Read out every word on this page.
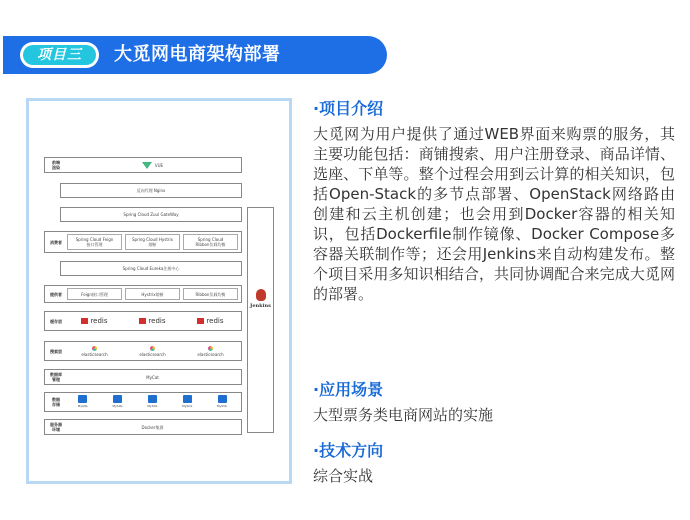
项目三	大觅网电商架构部署
前端
渲染	VUE
反向代理 Nginx
Spring Cloud Zuul GateWay
消费者	Spring Cloud Feign
接口管理
Spring Cloud Hystrix
熔断
Spring Cloud
Ribbon负载均衡
Spring Cloud Eureka注册中心
提供者	Feign接口管理	Hystrix熔断	Ribbon负载均衡
缓存层	redis	redis	redis
搜索层
elasticsearch	elasticsearch	elasticsearch
数据库
管理	MyCat
数据
存储	MySQL	MySQL	MySQL	MySQL	MySQL
服务器
环境	Docker集群
Jenkins
·项目介绍
大觅网为用户提供了通过WEB界面来购票的服务，其主要功能包括：商铺搜索、用户注册登录、商品详情、选座、下单等。整个过程会用到云计算的相关知识，包括Open-Stack的多节点部署、OpenStack网络路由创建和云主机创建；也会用到Docker容器的相关知识，包括Dockerfile制作镜像、Docker Compose多容器关联制作等；还会用Jenkins来自动构建发布。整个项目采用多知识相结合，共同协调配合来完成大觅网的部署。
·应用场景
大型票务类电商网站的实施
·技术方向
综合实战
